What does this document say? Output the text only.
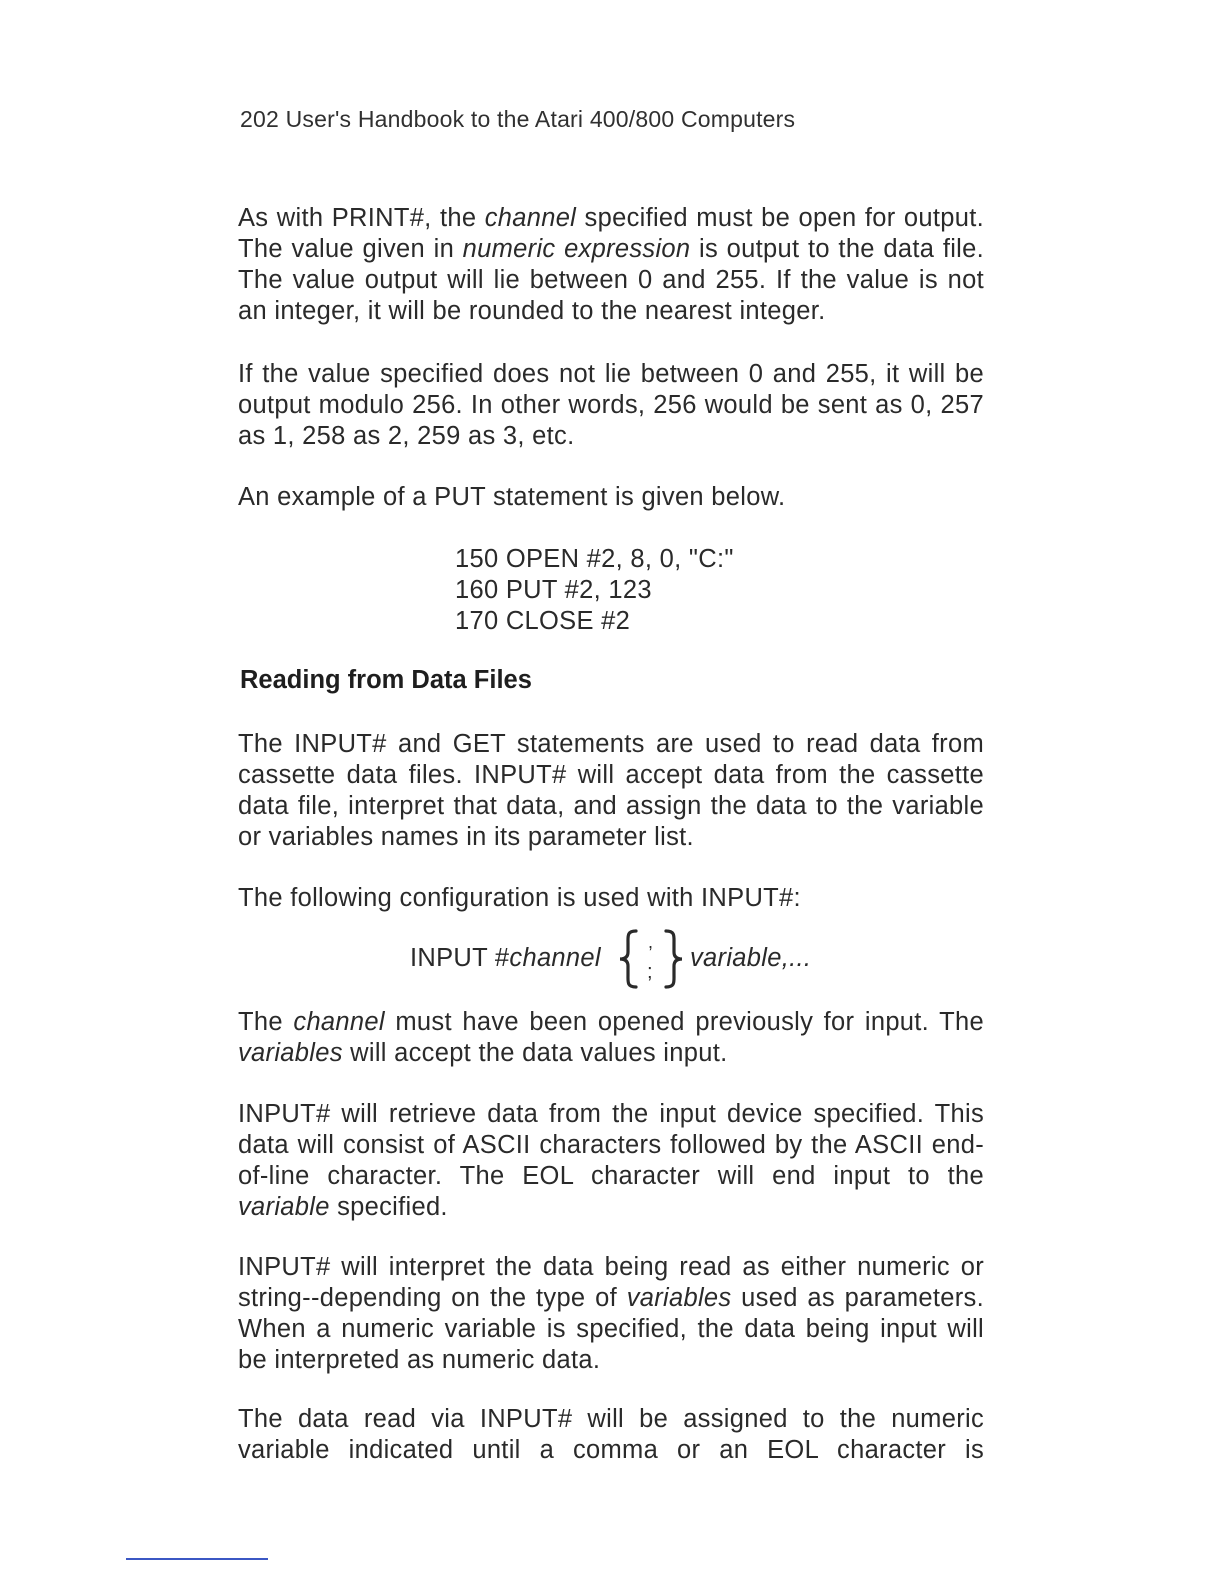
202 User's Handbook to the Atari 400/800 Computers

As with PRINT#, the channel specified must be open for output. The value given in numeric expression is output to the data file. The value output will lie between 0 and 255. If the value is not an integer, it will be rounded to the nearest integer.

If the value specified does not lie between 0 and 255, it will be output modulo 256. In other words, 256 would be sent as 0, 257 as 1, 258 as 2, 259 as 3, etc.

An example of a PUT statement is given below.

150 OPEN #2, 8, 0, "C:"
160 PUT #2, 123
170 CLOSE #2
Reading from Data Files

The INPUT# and GET statements are used to read data from cassette data files. INPUT# will accept data from the cassette data file, interpret that data, and assign the data to the variable or variables names in its parameter list.

The following configuration is used with INPUT#:

INPUT #channel
,
; variable,...

The channel must have been opened previously for input. The variables will accept the data values input.

INPUT# will retrieve data from the input device specified. This data will consist of ASCII characters followed by the ASCII end-of-line character. The EOL character will end input to the variable specified.

INPUT# will interpret the data being read as either numeric or string--depending on the type of variables used as parameters. When a numeric variable is specified, the data being input will be interpreted as numeric data.

The data read via INPUT# will be assigned to the numeric variable indicated until a comma or an EOL character is
